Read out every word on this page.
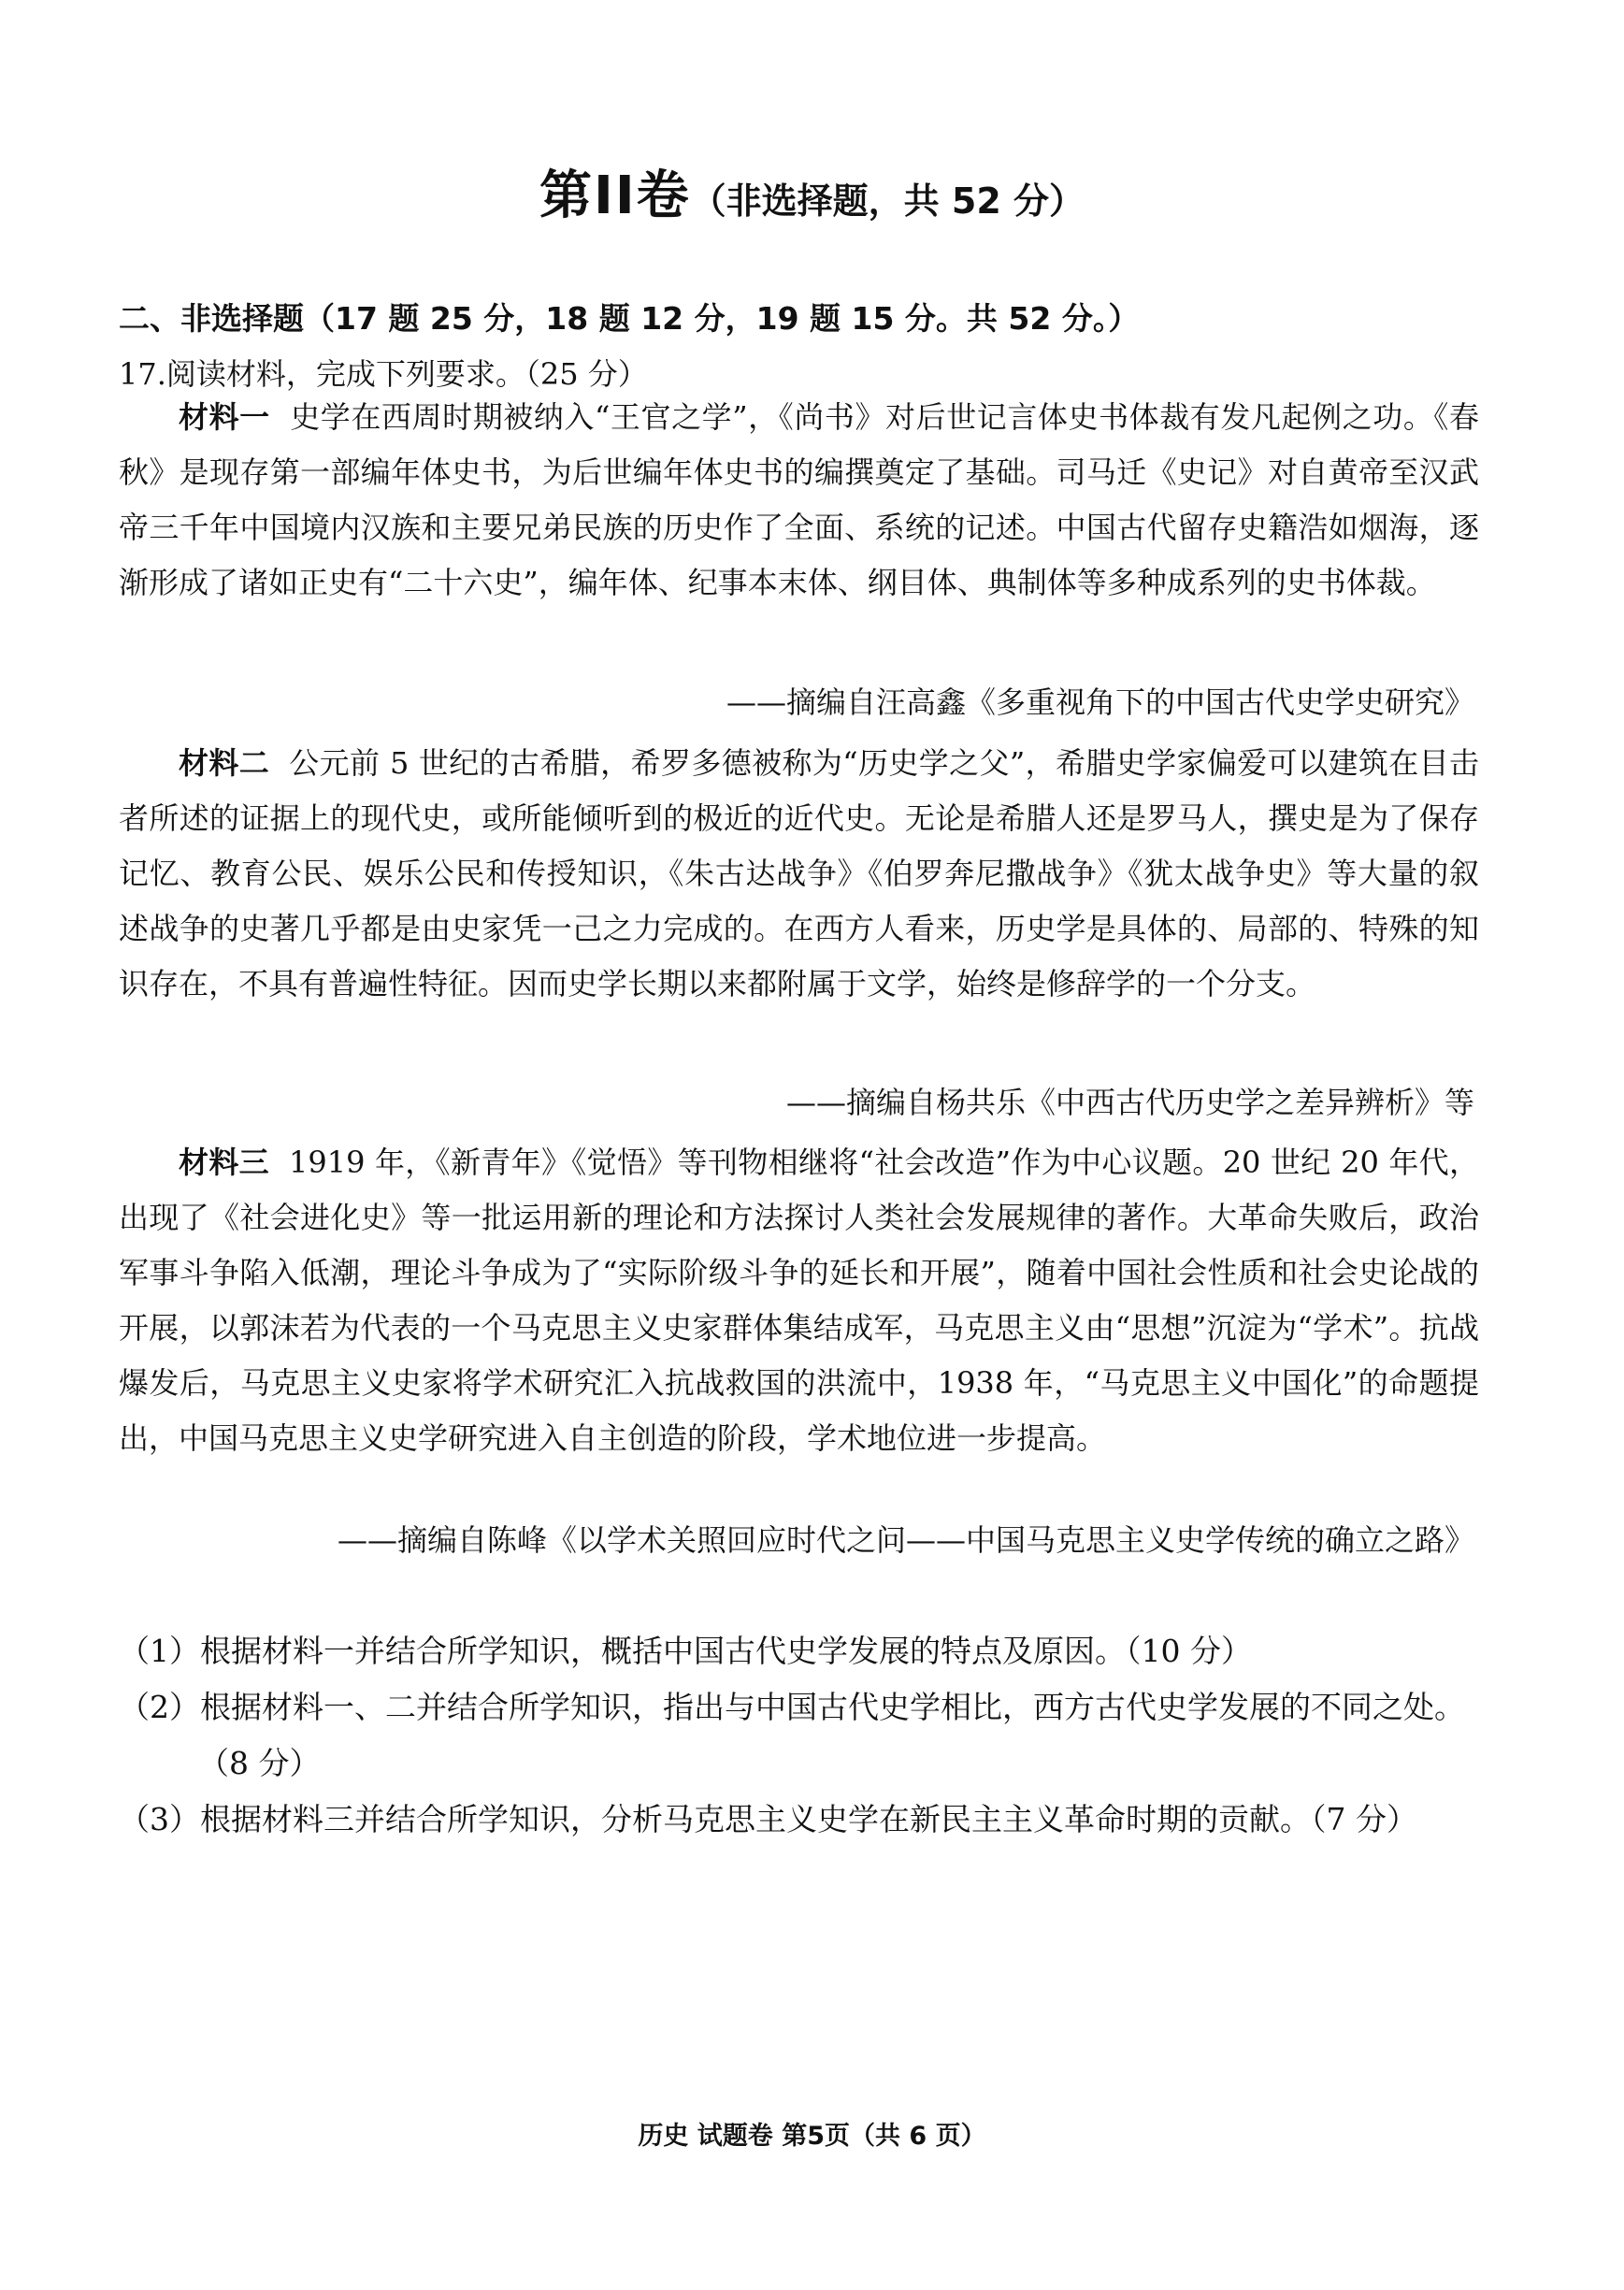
第II卷（非选择题，共 52 分）
二、非选择题（17 题 25 分，18 题 12 分，19 题 15 分。共 52 分。）
17.阅读材料，完成下列要求。（25 分）

材料一 史学在西周时期被纳入“王官之学”，《尚书》对后世记言体史书体裁有发凡起例之功。《春秋》是现存第一部编年体史书，为后世编年体史书的编撰奠定了基础。司马迁《史记》对自黄帝至汉武帝三千年中国境内汉族和主要兄弟民族的历史作了全面、系统的记述。中国古代留存史籍浩如烟海，逐渐形成了诸如正史有“二十六史”，编年体、纪事本末体、纲目体、典制体等多种成系列的史书体裁。

——摘编自汪高鑫《多重视角下的中国古代史学史研究》

材料二 公元前 5 世纪的古希腊，希罗多德被称为“历史学之父”，希腊史学家偏爱可以建筑在目击者所述的证据上的现代史，或所能倾听到的极近的近代史。无论是希腊人还是罗马人，撰史是为了保存记忆、教育公民、娱乐公民和传授知识，《朱古达战争》《伯罗奔尼撒战争》《犹太战争史》等大量的叙述战争的史著几乎都是由史家凭一己之力完成的。在西方人看来，历史学是具体的、局部的、特殊的知识存在，不具有普遍性特征。因而史学长期以来都附属于文学，始终是修辞学的一个分支。

——摘编自杨共乐《中西古代历史学之差异辨析》等

材料三 1919 年，《新青年》《觉悟》等刊物相继将“社会改造”作为中心议题。20 世纪 20 年代，出现了《社会进化史》等一批运用新的理论和方法探讨人类社会发展规律的著作。大革命失败后，政治军事斗争陷入低潮，理论斗争成为了“实际阶级斗争的延长和开展”，随着中国社会性质和社会史论战的开展，以郭沫若为代表的一个马克思主义史家群体集结成军，马克思主义由“思想”沉淀为“学术”。抗战爆发后，马克思主义史家将学术研究汇入抗战救国的洪流中，1938 年，“马克思主义中国化”的命题提出，中国马克思主义史学研究进入自主创造的阶段，学术地位进一步提高。

——摘编自陈峰《以学术关照回应时代之问——中国马克思主义史学传统的确立之路》

（1）根据材料一并结合所学知识，概括中国古代史学发展的特点及原因。（10 分）

（2）根据材料一、二并结合所学知识，指出与中国古代史学相比，西方古代史学发展的不同之处。（8 分）

（3）根据材料三并结合所学知识，分析马克思主义史学在新民主主义革命时期的贡献。（7 分）

历史 试题卷 第5页（共 6 页）
